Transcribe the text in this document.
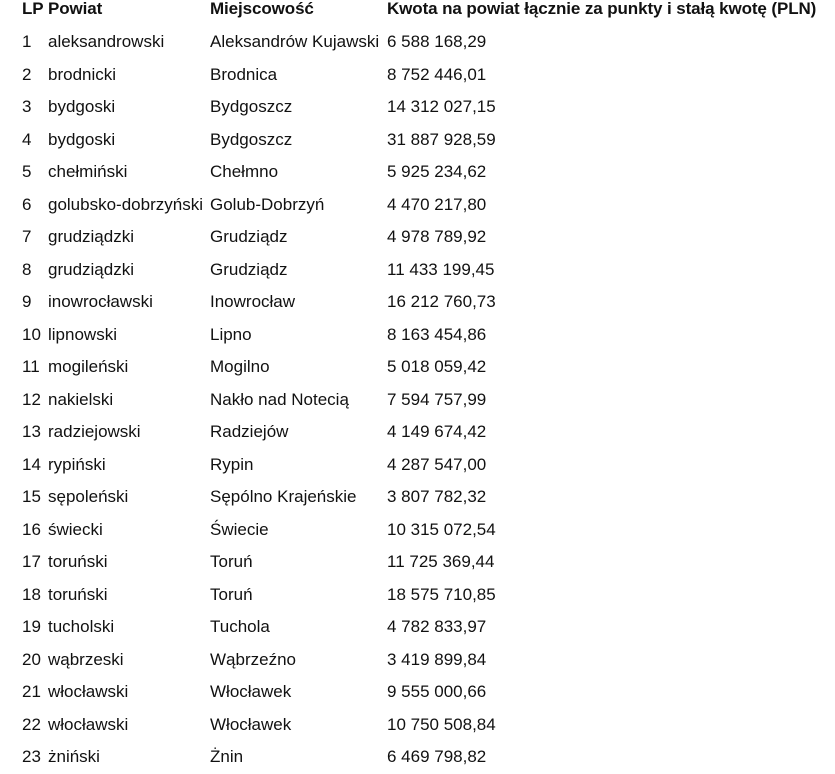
LP	Powiat	Miejscowość	Kwota na powiat łącznie za punkty i stałą kwotę (PLN)
1	aleksandrowski	Aleksandrów Kujawski	6 588 168,29
2	brodnicki	Brodnica	8 752 446,01
3	bydgoski	Bydgoszcz	14 312 027,15
4	bydgoski	Bydgoszcz	31 887 928,59
5	chełmiński	Chełmno	5 925 234,62
6	golubsko-dobrzyński	Golub-Dobrzyń	4 470 217,80
7	grudziądzki	Grudziądz	4 978 789,92
8	grudziądzki	Grudziądz	11 433 199,45
9	inowrocławski	Inowrocław	16 212 760,73
10	lipnowski	Lipno	8 163 454,86
11	mogileński	Mogilno	5 018 059,42
12	nakielski	Nakło nad Notecią	7 594 757,99
13	radziejowski	Radziejów	4 149 674,42
14	rypiński	Rypin	4 287 547,00
15	sępoleński	Sępólno Krajeńskie	3 807 782,32
16	świecki	Świecie	10 315 072,54
17	toruński	Toruń	11 725 369,44
18	toruński	Toruń	18 575 710,85
19	tucholski	Tuchola	4 782 833,97
20	wąbrzeski	Wąbrzeźno	3 419 899,84
21	włocławski	Włocławek	9 555 000,66
22	włocławski	Włocławek	10 750 508,84
23	żniński	Żnin	6 469 798,82
